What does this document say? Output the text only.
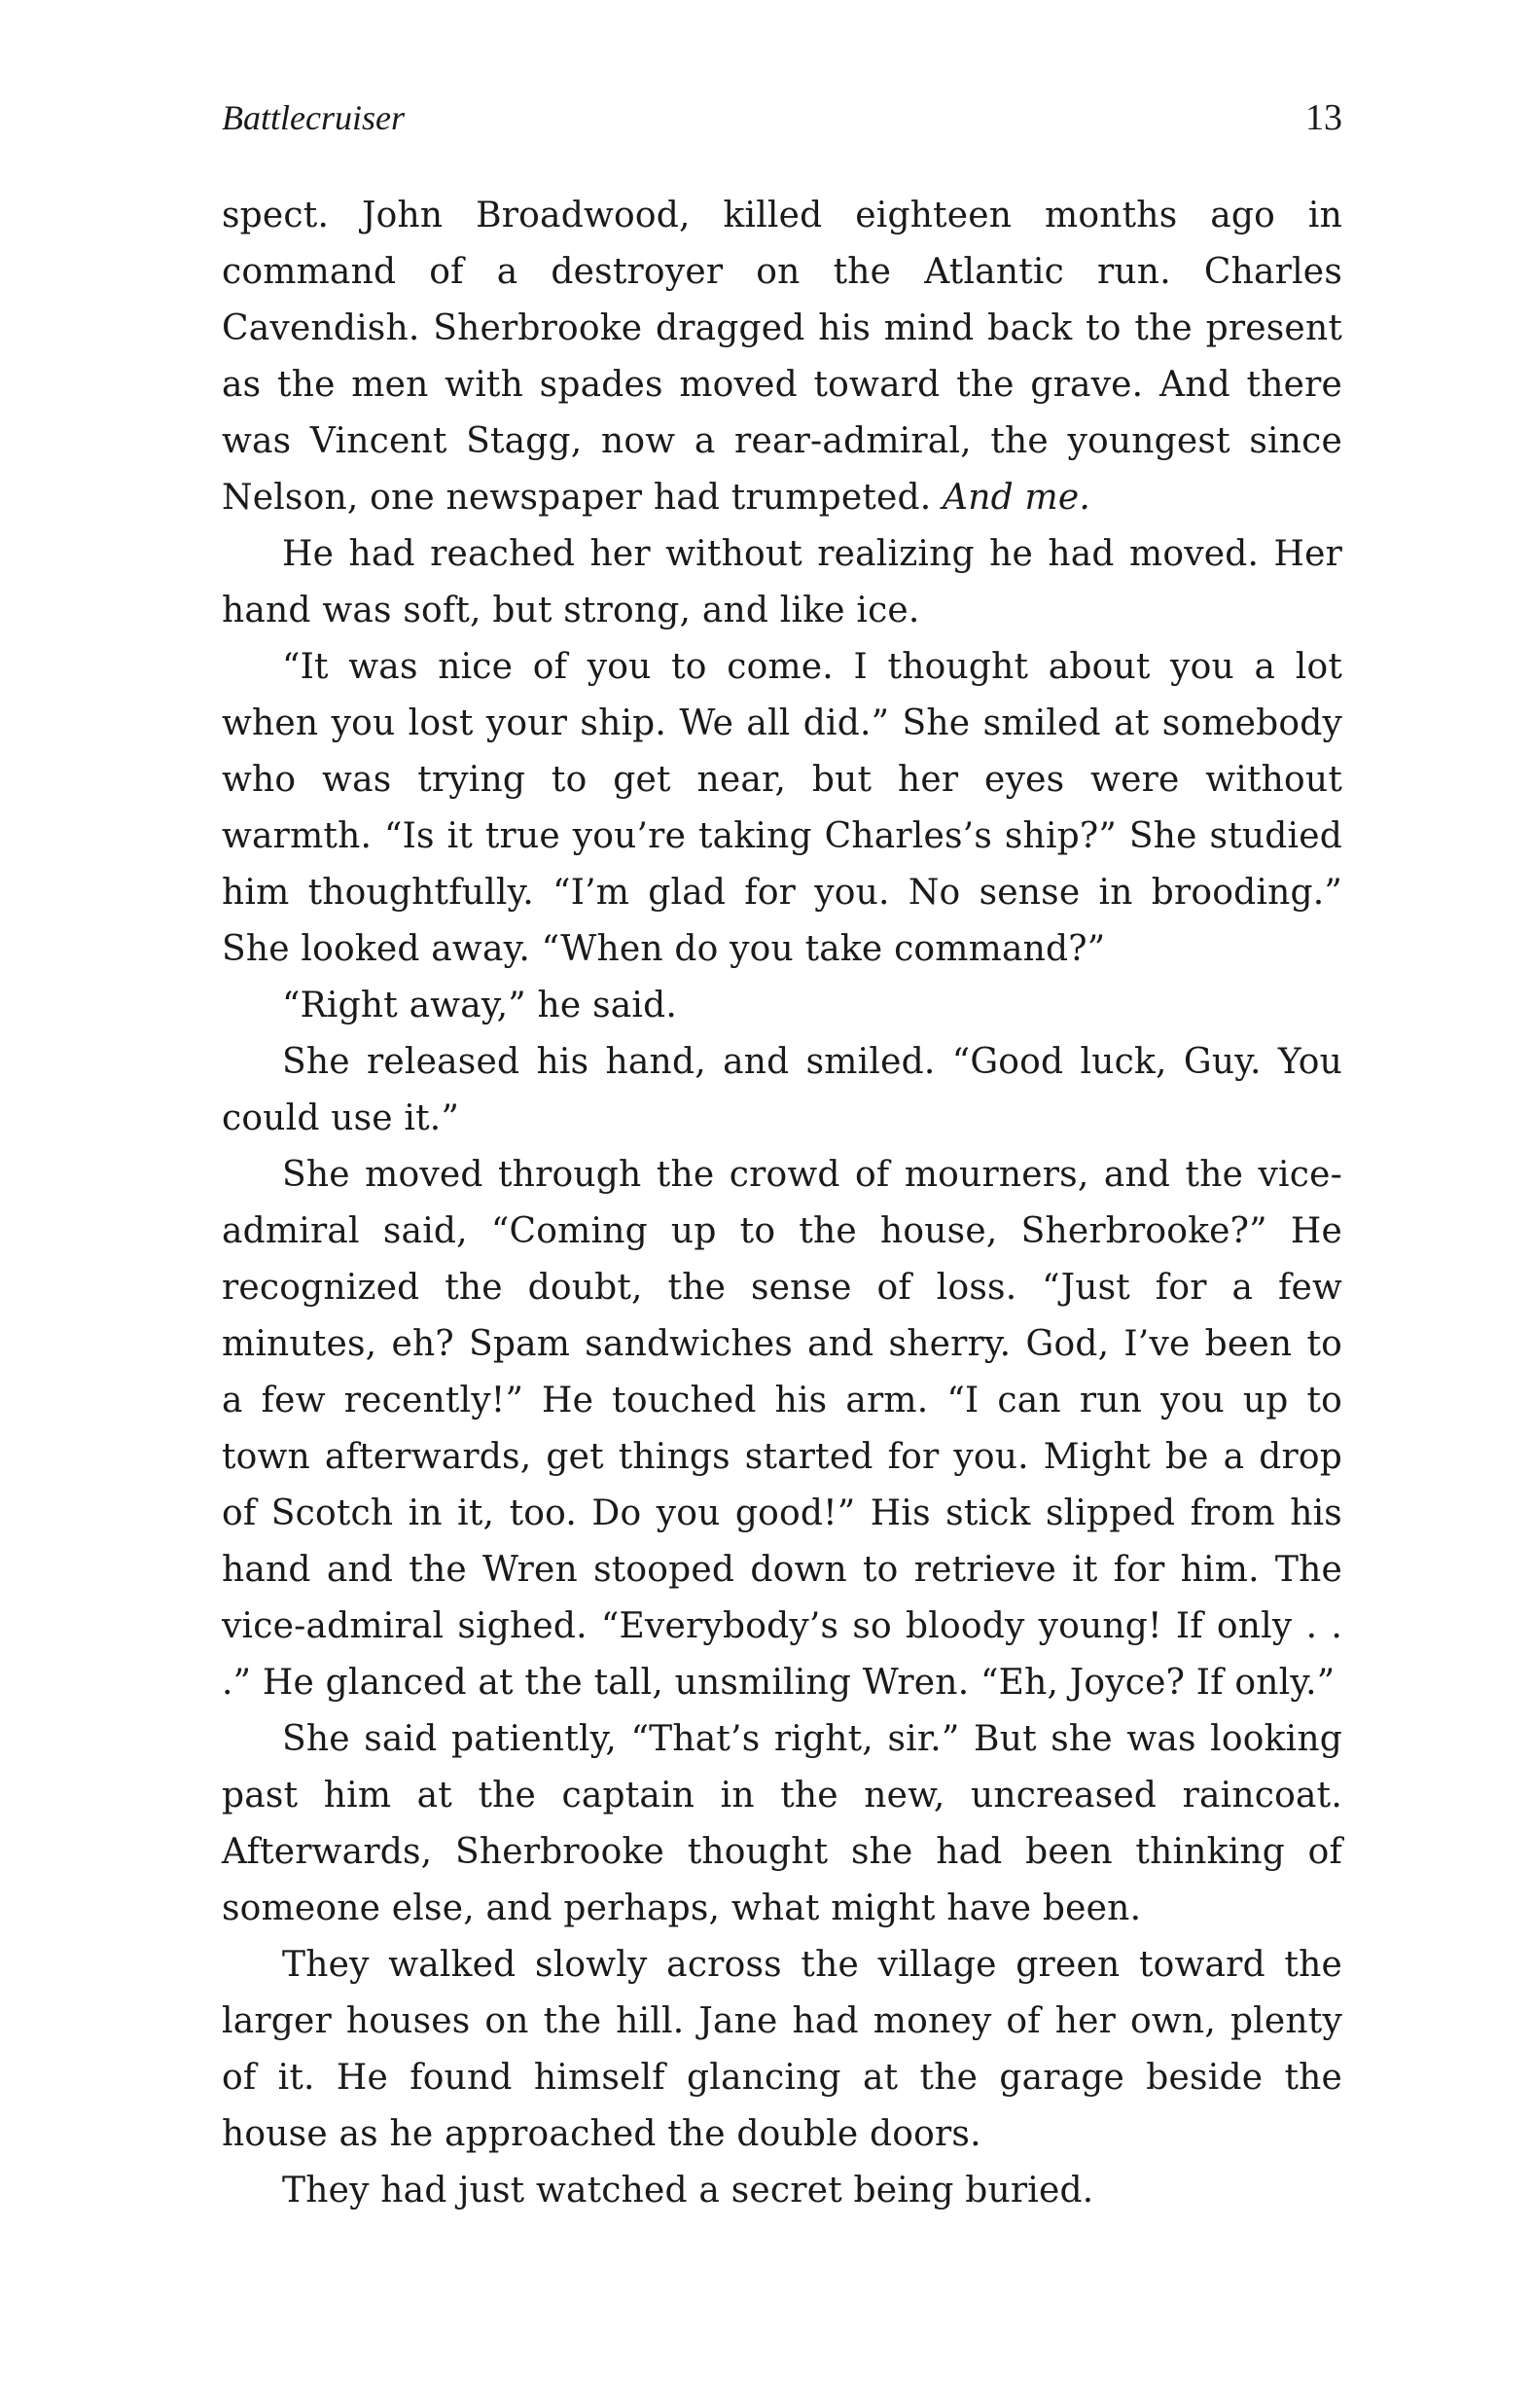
Battlecruiser	13

spect. John Broadwood, killed eighteen months ago in command of a destroyer on the Atlantic run. Charles Cavendish. Sherbrooke dragged his mind back to the present as the men with spades moved toward the grave. And there was Vincent Stagg, now a rear-admiral, the youngest since Nelson, one newspaper had trumpeted. And me.

He had reached her without realizing he had moved. Her hand was soft, but strong, and like ice.

“It was nice of you to come. I thought about you a lot when you lost your ship. We all did.” She smiled at somebody who was trying to get near, but her eyes were without warmth. “Is it true you’re taking Charles’s ship?” She studied him thoughtfully. “I’m glad for you. No sense in brooding.” She looked away. “When do you take command?”

“Right away,” he said.

She released his hand, and smiled. “Good luck, Guy. You could use it.”

She moved through the crowd of mourners, and the vice-admiral said, “Coming up to the house, Sherbrooke?” He recognized the doubt, the sense of loss. “Just for a few minutes, eh? Spam sandwiches and sherry. God, I’ve been to a few recently!” He touched his arm. “I can run you up to town afterwards, get things started for you. Might be a drop of Scotch in it, too. Do you good!” His stick slipped from his hand and the Wren stooped down to retrieve it for him. The vice-admiral sighed. “Everybody’s so bloody young! If only . . .” He glanced at the tall, unsmiling Wren. “Eh, Joyce? If only.”

She said patiently, “That’s right, sir.” But she was looking past him at the captain in the new, uncreased raincoat. Afterwards, Sherbrooke thought she had been thinking of someone else, and perhaps, what might have been.

They walked slowly across the village green toward the larger houses on the hill. Jane had money of her own, plenty of it. He found himself glancing at the garage beside the house as he approached the double doors.

They had just watched a secret being buried.
